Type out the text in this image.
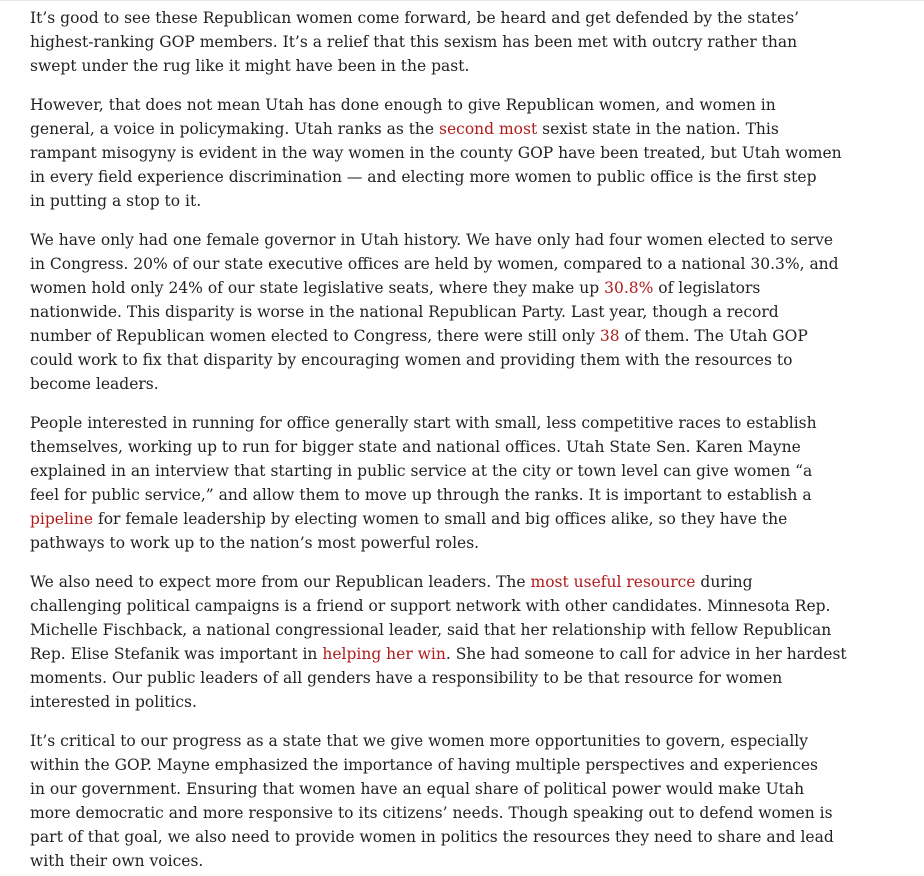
It’s good to see these Republican women come forward, be heard and get defended by the states’
highest-ranking GOP members. It’s a relief that this sexism has been met with outcry rather than
swept under the rug like it might have been in the past.

However, that does not mean Utah has done enough to give Republican women, and women in
general, a voice in policymaking. Utah ranks as the second most sexist state in the nation. This
rampant misogyny is evident in the way women in the county GOP have been treated, but Utah women
in every field experience discrimination — and electing more women to public office is the first step
in putting a stop to it.

We have only had one female governor in Utah history. We have only had four women elected to serve
in Congress. 20% of our state executive offices are held by women, compared to a national 30.3%, and
women hold only 24% of our state legislative seats, where they make up 30.8% of legislators
nationwide. This disparity is worse in the national Republican Party. Last year, though a record
number of Republican women elected to Congress, there were still only 38 of them. The Utah GOP
could work to fix that disparity by encouraging women and providing them with the resources to
become leaders.

People interested in running for office generally start with small, less competitive races to establish
themselves, working up to run for bigger state and national offices. Utah State Sen. Karen Mayne
explained in an interview that starting in public service at the city or town level can give women “a
feel for public service,” and allow them to move up through the ranks. It is important to establish a
pipeline for female leadership by electing women to small and big offices alike, so they have the
pathways to work up to the nation’s most powerful roles.

We also need to expect more from our Republican leaders. The most useful resource during
challenging political campaigns is a friend or support network with other candidates. Minnesota Rep.
Michelle Fischback, a national congressional leader, said that her relationship with fellow Republican
Rep. Elise Stefanik was important in helping her win. She had someone to call for advice in her hardest
moments. Our public leaders of all genders have a responsibility to be that resource for women
interested in politics.

It’s critical to our progress as a state that we give women more opportunities to govern, especially
within the GOP. Mayne emphasized the importance of having multiple perspectives and experiences
in our government. Ensuring that women have an equal share of political power would make Utah
more democratic and more responsive to its citizens’ needs. Though speaking out to defend women is
part of that goal, we also need to provide women in politics the resources they need to share and lead
with their own voices.
